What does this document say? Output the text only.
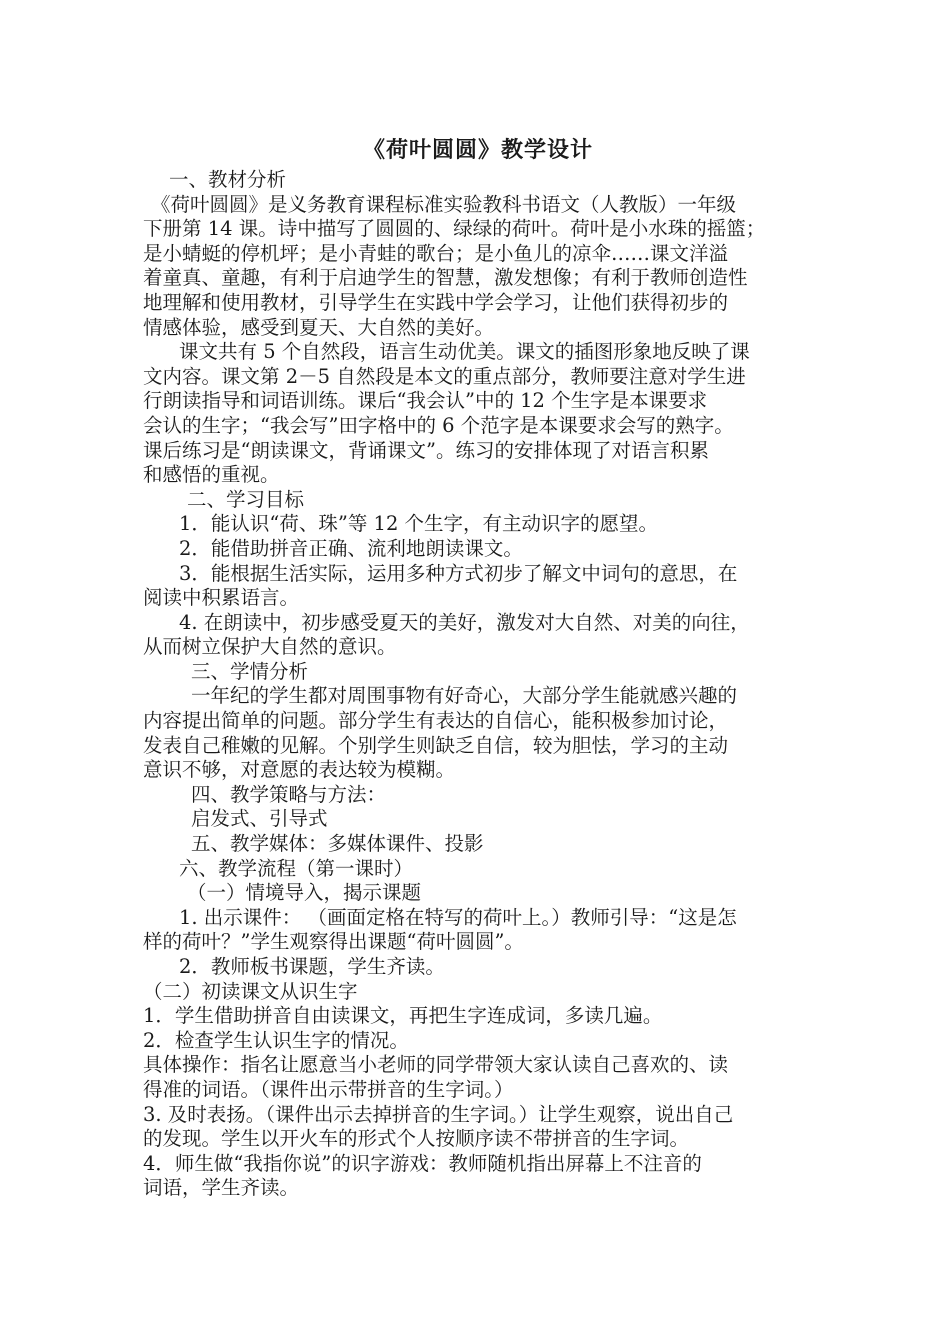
《荷叶圆圆》教学设计

一、教材分析

《荷叶圆圆》是义务教育课程标准实验教科书语文（人教版）一年级

下册第 14 课。诗中描写了圆圆的、绿绿的荷叶。荷叶是小水珠的摇篮；

是小蜻蜓的停机坪；是小青蛙的歌台；是小鱼儿的凉伞……课文洋溢

着童真、童趣，有利于启迪学生的智慧，激发想像；有利于教师创造性

地理解和使用教材，引导学生在实践中学会学习，让他们获得初步的

情感体验，感受到夏天、大自然的美好。

课文共有 5 个自然段，语言生动优美。课文的插图形象地反映了课

文内容。课文第 2－5 自然段是本文的重点部分，教师要注意对学生进

行朗读指导和词语训练。课后“我会认”中的 12 个生字是本课要求

会认的生字；“我会写”田字格中的 6 个范字是本课要求会写的熟字。

课后练习是“朗读课文，背诵课文”。练习的安排体现了对语言积累

和感悟的重视。

二、学习目标

1．能认识“荷、珠”等 12 个生字，有主动识字的愿望。

2．能借助拼音正确、流利地朗读课文。

3．能根据生活实际，运用多种方式初步了解文中词句的意思，在

阅读中积累语言。

4. 在朗读中，初步感受夏天的美好，激发对大自然、对美的向往，

从而树立保护大自然的意识。

三、学情分析

一年纪的学生都对周围事物有好奇心，大部分学生能就感兴趣的

内容提出简单的问题。部分学生有表达的自信心，能积极参加讨论，

发表自己稚嫩的见解。个别学生则缺乏自信，较为胆怯，学习的主动

意识不够，对意愿的表达较为模糊。

四、教学策略与方法：

启发式、引导式

五、教学媒体：多媒体课件、投影

六、教学流程（第一课时）

（一）情境导入，揭示课题

1. 出示课件： （画面定格在特写的荷叶上。）教师引导：“这是怎

样的荷叶？”学生观察得出课题“荷叶圆圆”。

2．教师板书课题，学生齐读。

（二）初读课文从识生字

1．学生借助拼音自由读课文，再把生字连成词，多读几遍。

2．检查学生认识生字的情况。

具体操作：指名让愿意当小老师的同学带领大家认读自己喜欢的、读

得准的词语。（课件出示带拼音的生字词。）

3. 及时表扬。（课件出示去掉拼音的生字词。）让学生观察，说出自己

的发现。学生以开火车的形式个人按顺序读不带拼音的生字词。

4．师生做“我指你说”的识字游戏：教师随机指出屏幕上不注音的

词语，学生齐读。
